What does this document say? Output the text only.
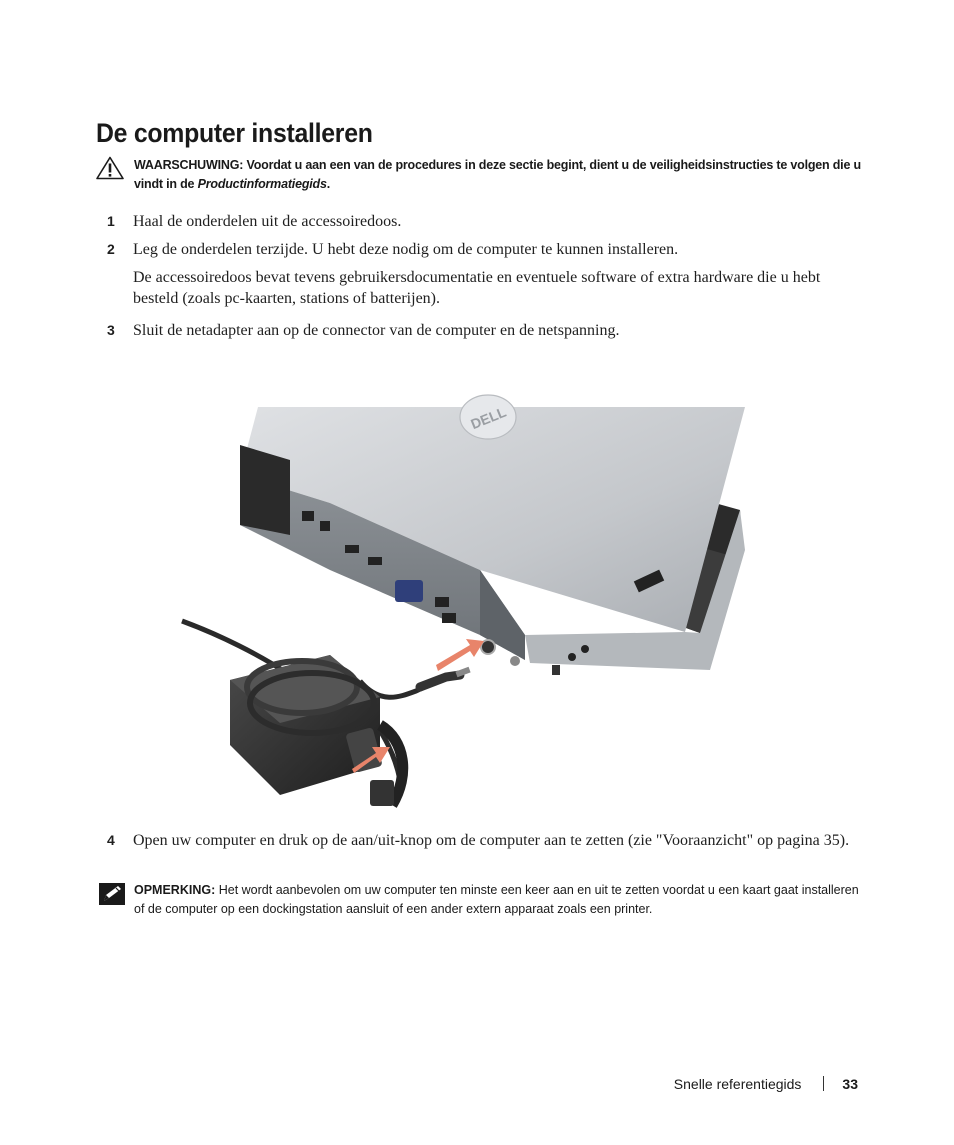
De computer installeren
WAARSCHUWING: Voordat u aan een van de procedures in deze sectie begint, dient u de veiligheidsinstructies te volgen die u vindt in de Productinformatiegids.
1 Haal de onderdelen uit de accessoiredoos.
2 Leg de onderdelen terzijde. U hebt deze nodig om de computer te kunnen installeren.
De accessoiredoos bevat tevens gebruikersdocumentatie en eventuele software of extra hardware die u hebt besteld (zoals pc-kaarten, stations of batterijen).
3 Sluit de netadapter aan op de connector van de computer en de netspanning.
DELL
4 Open uw computer en druk op de aan/uit-knop om de computer aan te zetten (zie "Vooraanzicht" op pagina 35).
OPMERKING: Het wordt aanbevolen om uw computer ten minste een keer aan en uit te zetten voordat u een kaart gaat installeren of de computer op een dockingstation aansluit of een ander extern apparaat zoals een printer.
Snelle referentiegids	33
